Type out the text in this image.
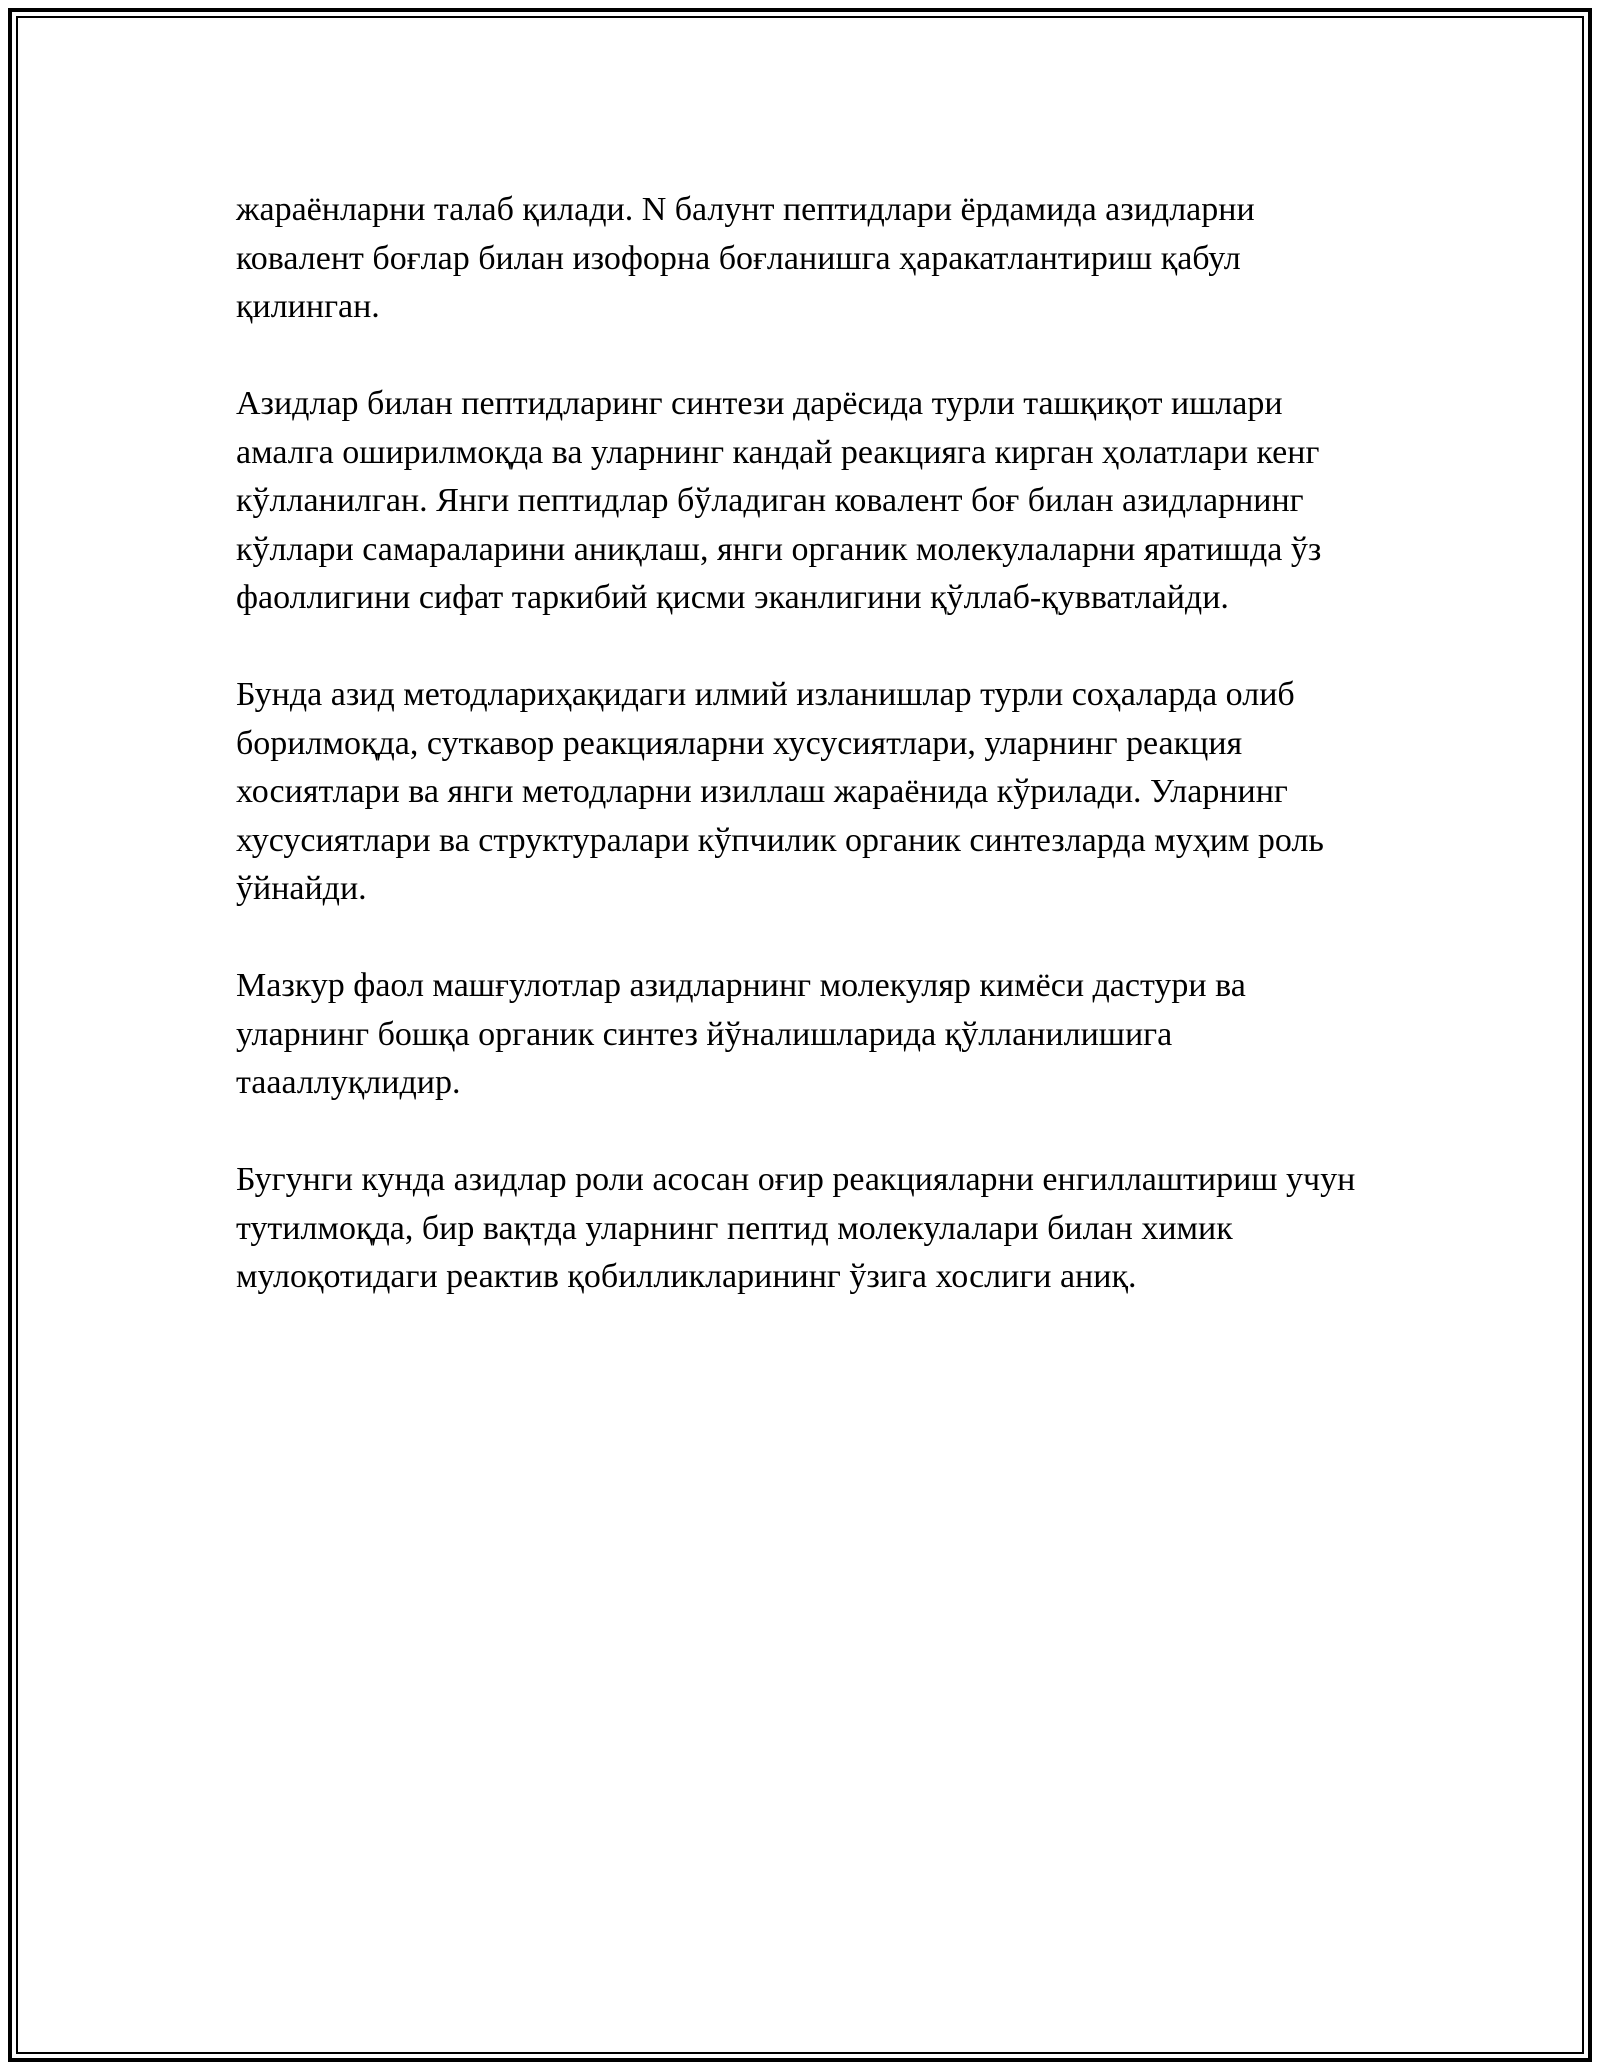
жараёнларни талаб қилади. N балунт пептидлари ёрдамида азидларни ковалент боғлар билан изофорна боғланишга ҳаракатлантириш қабул қилинган.

Азидлар билан пептидларинг синтези дарёсида турли ташқиқот ишлари амалга оширилмоқда ва уларнинг кандай реакцияга кирган ҳолатлари кенг кўлланилган. Янги пептидлар бўладиган ковалент боғ билан азидларнинг кўллари самараларини аниқлаш, янги органик молекулаларни яратишда ўз фаоллигини сифат таркибий қисми эканлигини қўллаб-қувватлайди.

Бунда азид методлариҳақидаги илмий изланишлар турли соҳаларда олиб борилмоқда, суткавор реакцияларни хусусиятлари, уларнинг реакция хосиятлари ва янги методларни изиллаш жараёнида кўрилади. Уларнинг хусусиятлари ва структуралари кўпчилик органик синтезларда муҳим роль ўйнайди.

Мазкур фаол машғулотлар азидларнинг молекуляр кимёси дастури ва уларнинг бошқа органик синтез йўналишларида қўлланилишига таааллуқлидир.

Бугунги кунда азидлар роли асосан оғир реакцияларни енгиллаштириш учун тутилмоқда, бир вақтда уларнинг пептид молекулалари билан химик мулоқотидаги реактив қобилликларининг ўзига хослиги аниқ.
